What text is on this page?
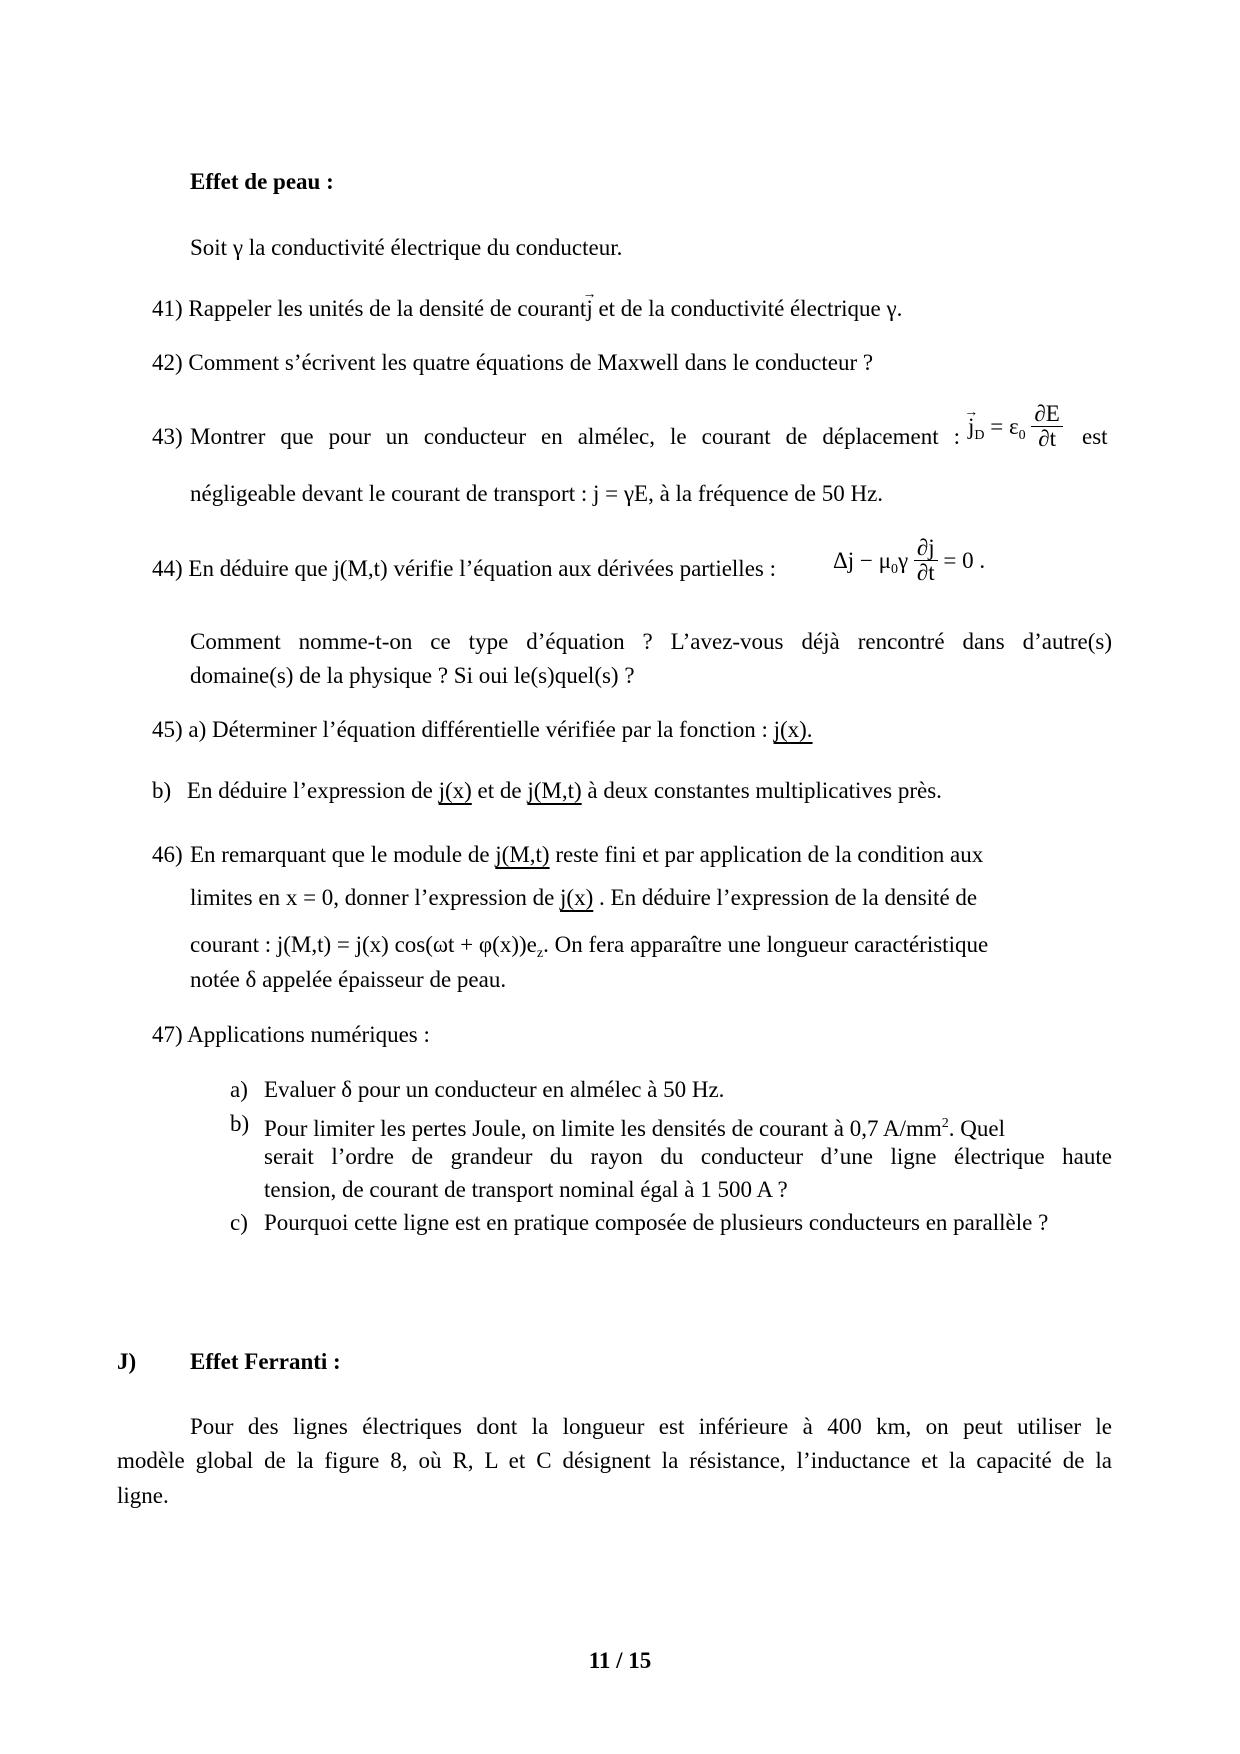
Effet de peau :
Soit γ la conductivité électrique du conducteur.
41) Rappeler les unités de la densité de courant→ j et de la conductivité électrique γ.
42) Comment s’écrivent les quatre équations de Maxwell dans le conducteur ?
43) Montrer que pour un conducteur en almélec, le courant de déplacement :
→ $j_D = \varepsilon_0 \frac{\partial E}{\partial t}$ est
négligeable devant le courant de transport : j = γE, à la fréquence de 50 Hz.
44) En déduire que j(M,t) vérifie l’équation aux dérivées partielles : $\Delta j - \mu_0\gamma \frac{\partial j}{\partial t} = 0$ .
Comment nomme-t-on ce type d’équation ? L’avez-vous déjà rencontré dans d’autre(s)
domaine(s) de la physique ? Si oui le(s)quel(s) ?
45) a) Déterminer l’équation différentielle vérifiée par la fonction : j(x).
b) En déduire l’expression de j(x) et de j(M,t) à deux constantes multiplicatives près.
46) En remarquant que le module de j(M,t) reste fini et par application de la condition aux
limites en x = 0, donner l’expression de j(x) . En déduire l’expression de la densité de
courant : j(M,t) = j(x) $\cos(\omega t + \varphi(x))e_z$. On fera apparaître une longueur caractéristique
notée δ appelée épaisseur de peau.
47) Applications numériques :
a) Evaluer δ pour un conducteur en almélec à 50 Hz.
b) Pour limiter les pertes Joule, on limite les densités de courant à 0,7 $A/mm^2$. Quel
serait l’ordre de grandeur du rayon du conducteur d’une ligne électrique haute
tension, de courant de transport nominal égal à 1 500 A ?
c) Pourquoi cette ligne est en pratique composée de plusieurs conducteurs en parallèle ?
J) Effet Ferranti :
Pour des lignes électriques dont la longueur est inférieure à 400 km, on peut utiliser le
modèle global de la figure 8, où R, L et C désignent la résistance, l’inductance et la capacité de la
ligne.
11 / 15
